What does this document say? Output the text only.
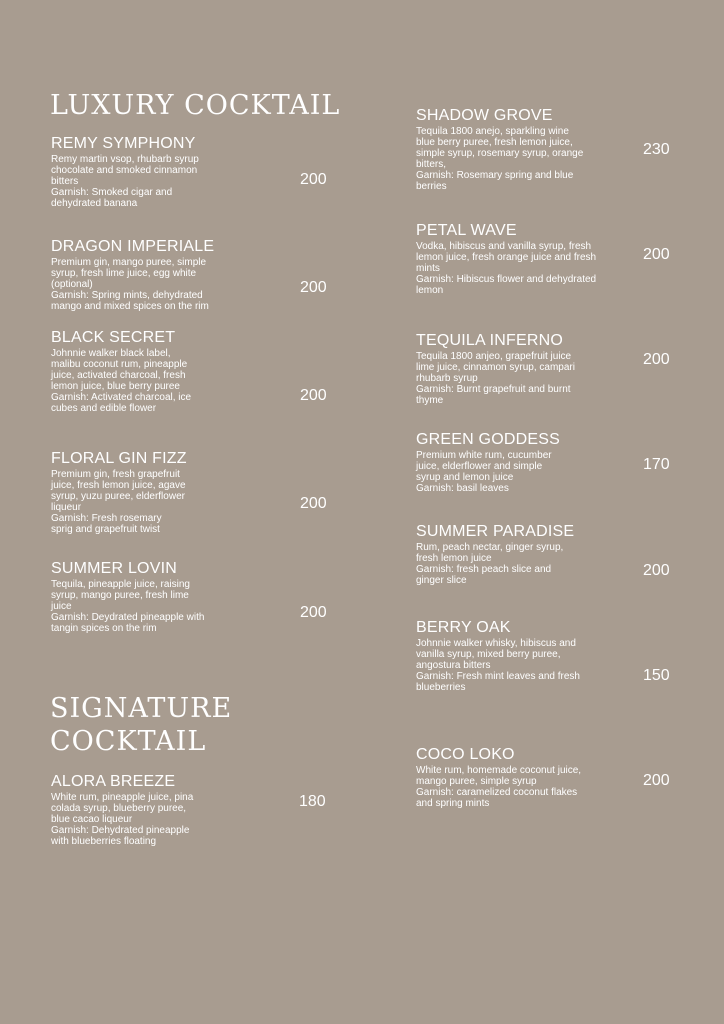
LUXURY COCKTAIL
SIGNATURE
COCKTAIL
REMY SYMPHONY
Remy martin vsop, rhubarb syrup
chocolate and smoked cinnamon
bitters
Garnish: Smoked cigar and
dehydrated banana
200
DRAGON IMPERIALE
Premium gin, mango puree, simple
syrup, fresh lime juice, egg white
(optional)
Garnish: Spring mints, dehydrated
mango and mixed spices on the rim
200
BLACK SECRET
Johnnie walker black label,
malibu coconut rum, pineapple
juice, activated charcoal, fresh
lemon juice, blue berry puree
Garnish: Activated charcoal, ice
cubes and edible flower
200
FLORAL GIN FIZZ
Premium gin, fresh grapefruit
juice, fresh lemon juice, agave
syrup, yuzu puree, elderflower
liqueur
Garnish: Fresh rosemary
sprig and grapefruit twist
200
SUMMER LOVIN
Tequila, pineapple juice, raising
syrup, mango puree, fresh lime
juice
Garnish: Deydrated pineapple with
tangin spices on the rim
200
ALORA BREEZE
White rum, pineapple juice, pina
colada syrup, blueberry puree,
blue cacao liqueur
Garnish: Dehydrated pineapple
with blueberries floating
180
SHADOW GROVE
Tequila 1800 anejo, sparkling wine
blue berry puree, fresh lemon juice,
simple syrup, rosemary syrup, orange
bitters,
Garnish: Rosemary spring and blue
berries
230
PETAL WAVE
Vodka, hibiscus and vanilla syrup, fresh
lemon juice, fresh orange juice and fresh
mints
Garnish: Hibiscus flower and dehydrated
lemon
200
TEQUILA INFERNO
Tequila 1800 anjeo, grapefruit juice
lime juice, cinnamon syrup, campari
rhubarb syrup
Garnish: Burnt grapefruit and burnt
thyme
200
GREEN GODDESS
Premium white rum, cucumber
juice, elderflower and simple
syrup and lemon juice
Garnish: basil leaves
170
SUMMER PARADISE
Rum, peach nectar, ginger syrup,
fresh lemon juice
Garnish: fresh peach slice and
ginger slice
200
BERRY OAK
Johnnie walker whisky, hibiscus and
vanilla syrup, mixed berry puree,
angostura bitters
Garnish: Fresh mint leaves and fresh
blueberries
150
COCO LOKO
White rum, homemade coconut juice,
mango puree, simple syrup
Garnish: caramelized coconut flakes
and spring mints
200
